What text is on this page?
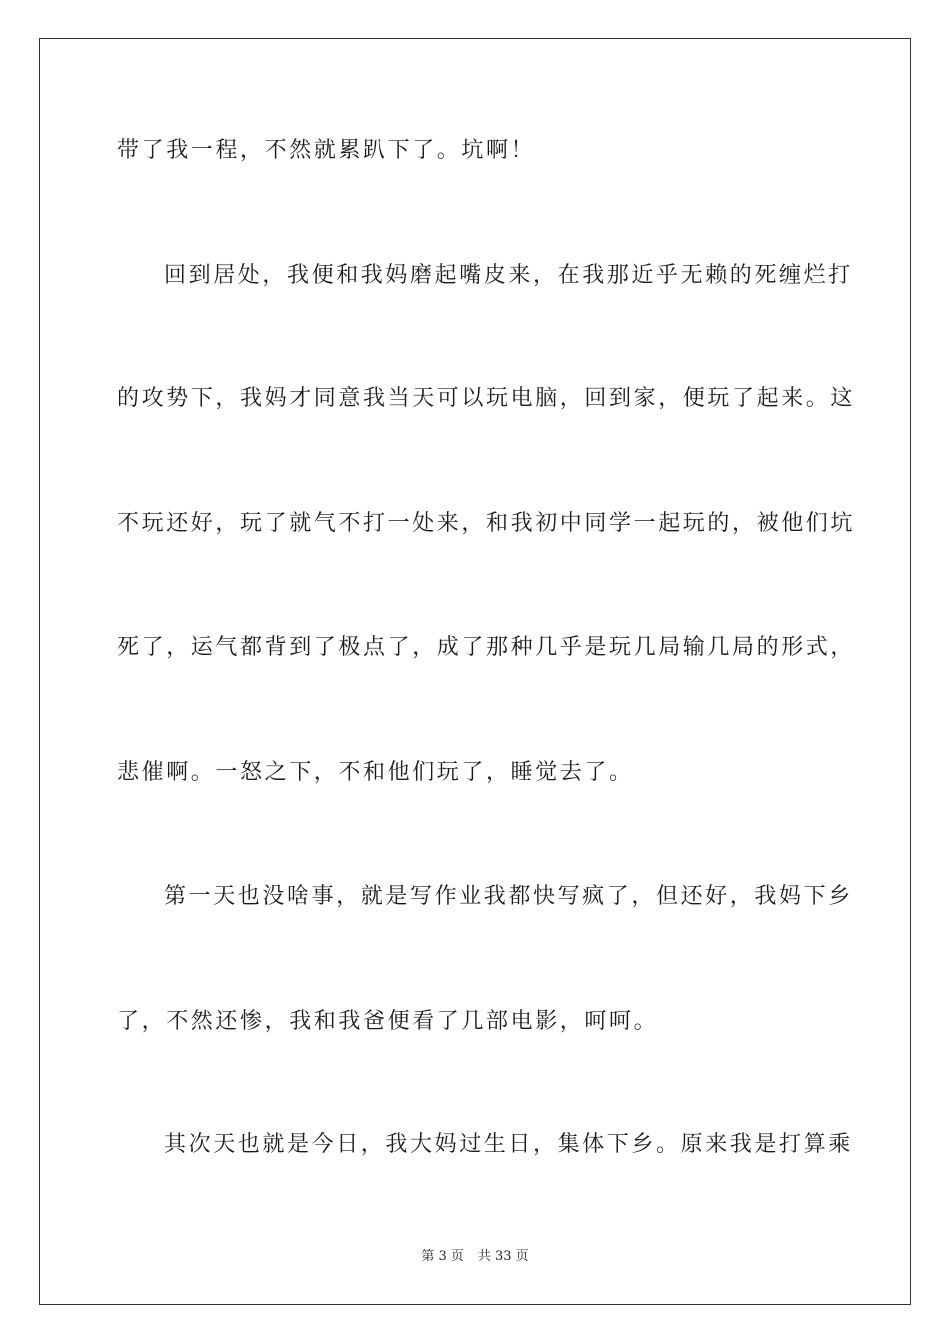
带了我一程，不然就累趴下了。坑啊！
回到居处，我便和我妈磨起嘴皮来，在我那近乎无赖的死缠烂打
的攻势下，我妈才同意我当天可以玩电脑，回到家，便玩了起来。这
不玩还好，玩了就气不打一处来，和我初中同学一起玩的，被他们坑
死了，运气都背到了极点了，成了那种几乎是玩几局输几局的形式，
悲催啊。一怒之下，不和他们玩了，睡觉去了。
第一天也没啥事，就是写作业我都快写疯了，但还好，我妈下乡
了，不然还惨，我和我爸便看了几部电影，呵呵。
其次天也就是今日，我大妈过生日，集体下乡。原来我是打算乘
第 3 页 共 33 页
